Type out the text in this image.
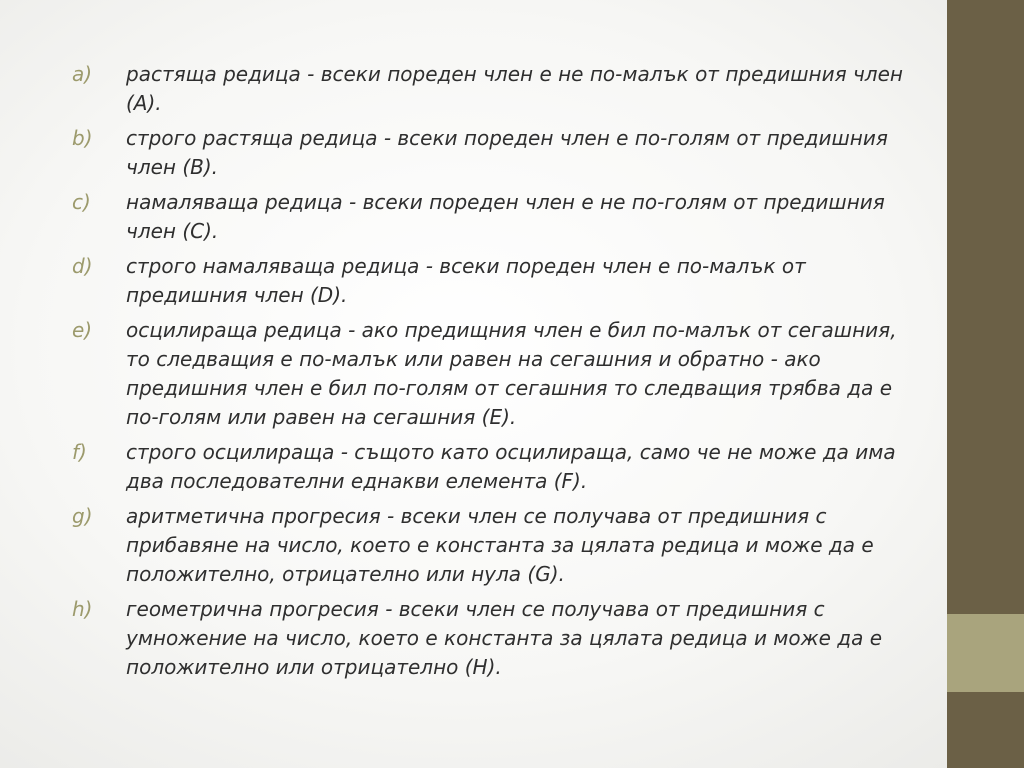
a)	растяща редица - всеки пореден член е не по-малък от предишния член (A).
b)	строго растяща редица - всеки пореден член е по-голям от предишния член (B).
c)	намаляваща редица - всеки пореден член е не по-голям от предишния член (C).
d)	строго намаляваща редица - всеки пореден член е по-малък от предишния член (D).
e)	осцилираща редица - ако предищния член е бил по-малък от сегашния, то следващия е по-малък или равен на сегашния и обратно - ако предишния член е бил по-голям от сегашния то следващия трябва да е по-голям или равен на сегашния (E).
f)	строго осцилираща - същото като осцилираща, само че не може да има два последователни еднакви елемента (F).
g)	аритметична прогресия - всеки член се получава от предишния с прибавяне на число, което е константа за цялата редица и може да е положително, отрицателно или нула (G).
h)	геометрична прогресия - всеки член се получава от предишния с умножение на число, което е константа за цялата редица и може да е положително или отрицателно (H).
